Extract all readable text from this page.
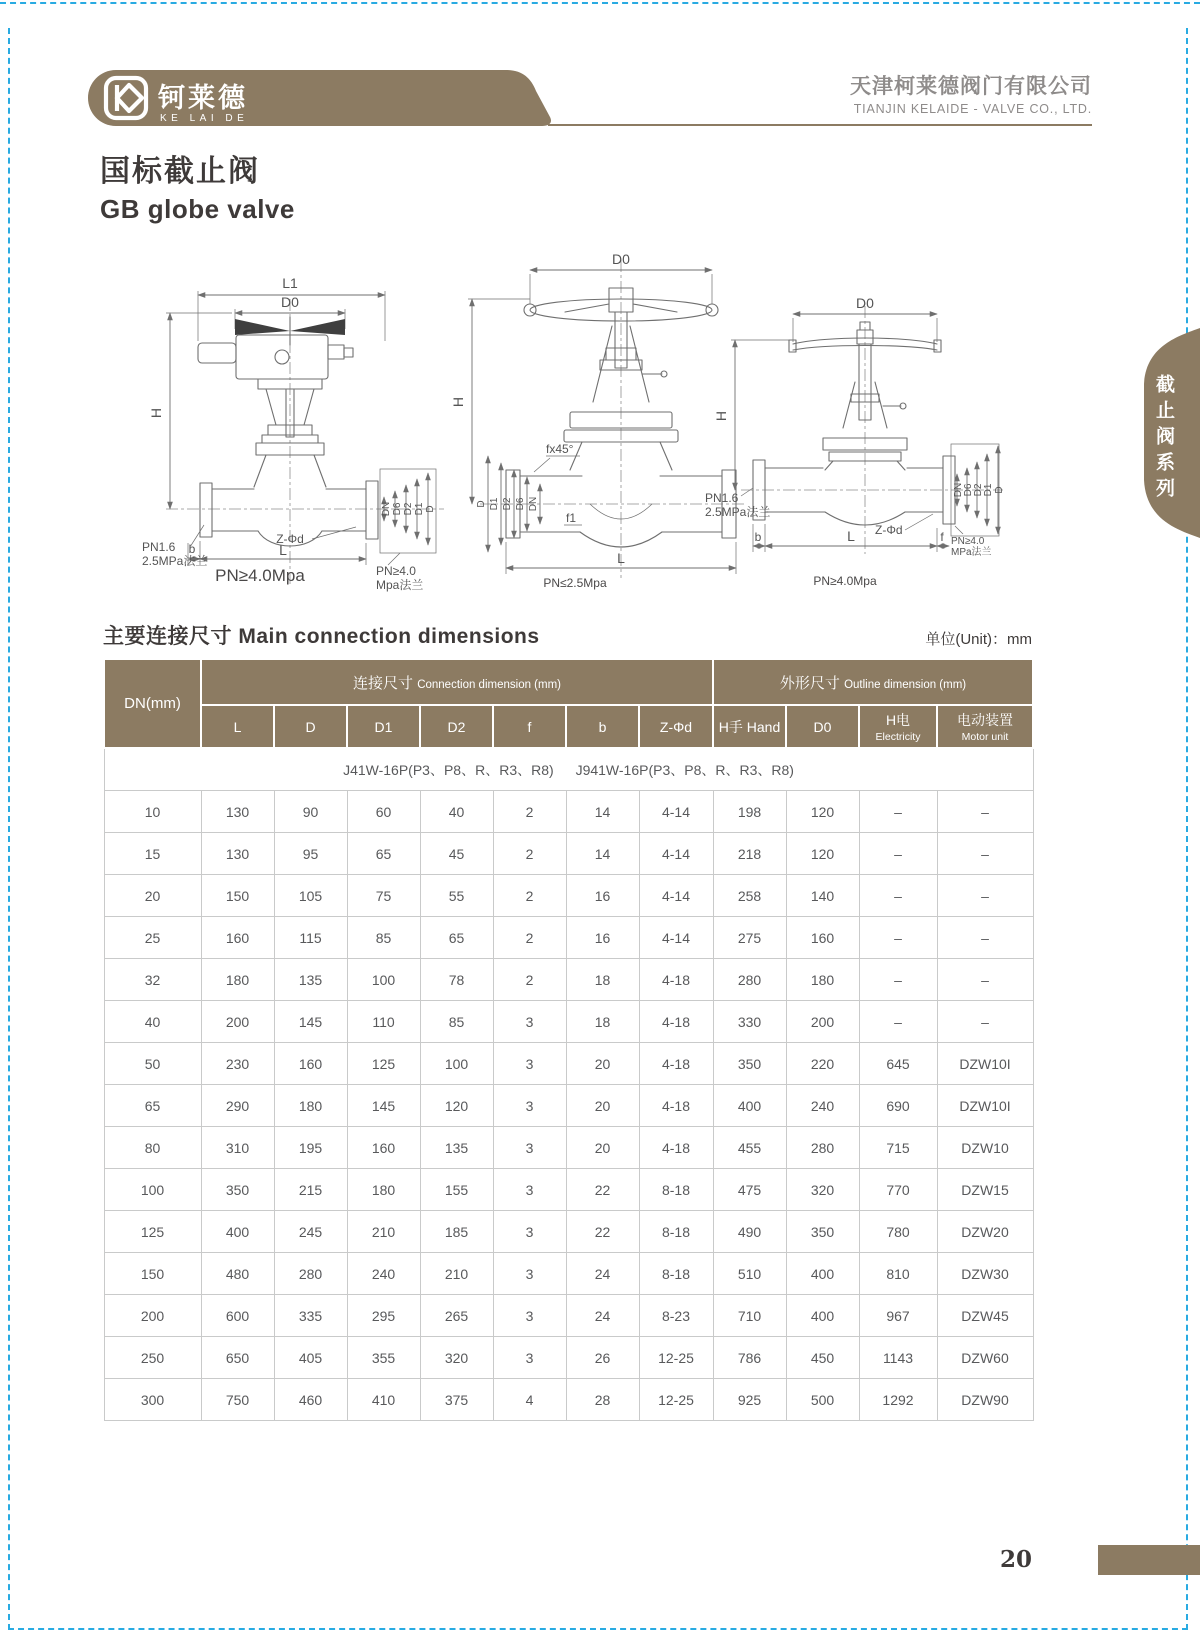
钶莱德
KE LAI DE
天津柯莱德阀门有限公司
TIANJIN KELAIDE - VALVE CO., LTD.
国标截止阀
GB globe valve
L1
D0
DN D6 D2 D1 D
H
b	L
Z-Φd
PN1.6
2.5MPa法兰
PN≥4.0
Mpa法兰
PN≥4.0Mpa
D0
D D1 D2 D6 DN
H
fx45°
f1
L
PN≤2.5Mpa
D0
DN D6 D2 D1 D
H
PN1.6
2.5MPa法兰
Z-Φd
PN≥4.0
MPa法兰
b	L	f
PN≥4.0Mpa
截止阀系列
主要连接尺寸 Main connection dimensions	单位(Unit)：mm
DN(mm)	连接尺寸 Connection dimension (mm)							外形尺寸 Outline dimension (mm)			

L	D	D1	D2	f	b	Z-Φd	H手 Hand	D0	H电
Electricity

电动装置
Motor unit

J41W-16P(P3、P8、R、R3、R8) J941W-16P(P3、P8、R、R3、R8)											
10	130	90	60	40	2	14	4-14	198	120	–	–
15	130	95	65	45	2	14	4-14	218	120	–	–
20	150	105	75	55	2	16	4-14	258	140	–	–
25	160	115	85	65	2	16	4-14	275	160	–	–
32	180	135	100	78	2	18	4-18	280	180	–	–
40	200	145	110	85	3	18	4-18	330	200	–	–
50	230	160	125	100	3	20	4-18	350	220	645	DZW10I
65	290	180	145	120	3	20	4-18	400	240	690	DZW10I
80	310	195	160	135	3	20	4-18	455	280	715	DZW10
100	350	215	180	155	3	22	8-18	475	320	770	DZW15
125	400	245	210	185	3	22	8-18	490	350	780	DZW20
150	480	280	240	210	3	24	8-18	510	400	810	DZW30
200	600	335	295	265	3	24	8-23	710	400	967	DZW45
250	650	405	355	320	3	26	12-25	786	450	1143	DZW60
300	750	460	410	375	4	28	12-25	925	500	1292	DZW90
20
